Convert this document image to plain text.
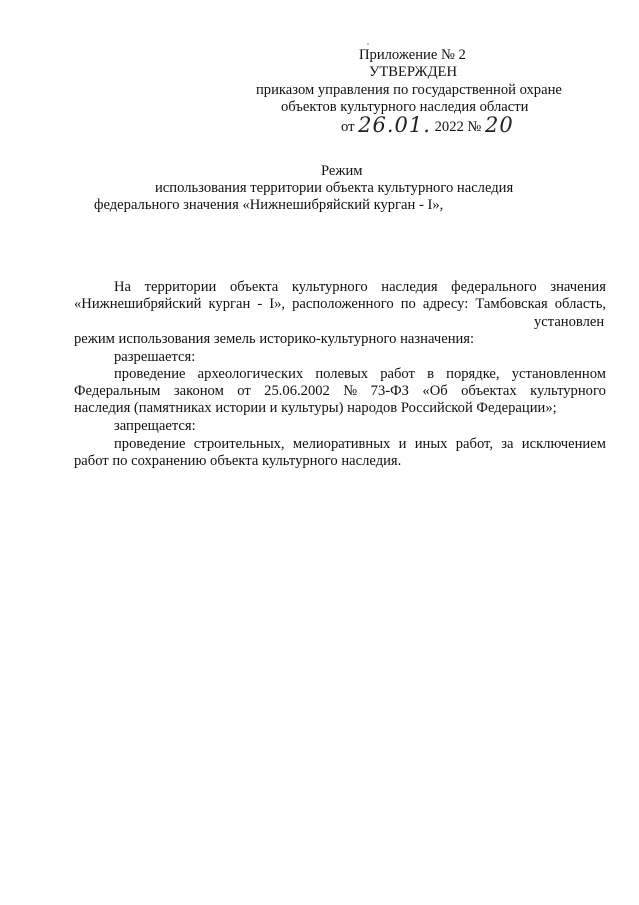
Приложение № 2
УТВЕРЖДЕН
приказом управления по государственной охране
объектов культурного наследия области
от 26.01. 2022 № 20
Режим
использования территории объекта культурного наследия
федерального значения «Нижнешибряйский курган - I»,
На территории объекта культурного наследия федерального значения
«Нижнешибряйский курган - I», расположенного по адресу: Тамбовская область,
установлен
режим использования земель историко-культурного назначения:
разрешается:
проведение археологических полевых работ в порядке, установленном
Федеральным законом от 25.06.2002 № 73-ФЗ «Об объектах культурного
наследия (памятниках истории и культуры) народов Российской Федерации»;
запрещается:
проведение строительных, мелиоративных и иных работ, за исключением
работ по сохранению объекта культурного наследия.
